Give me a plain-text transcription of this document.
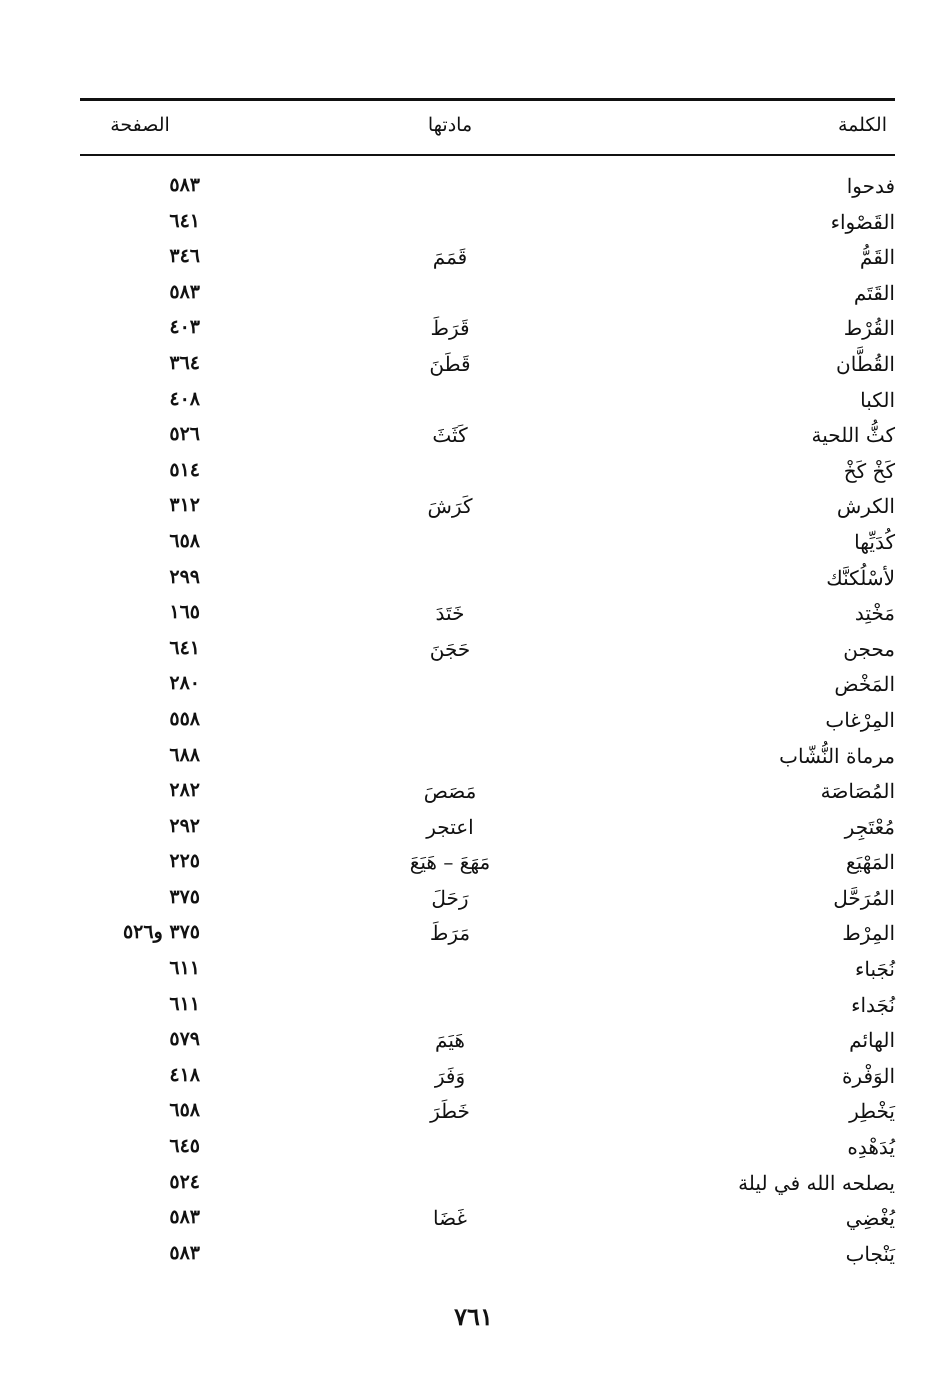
الكلمة
مادتها
الصفحة
فدحوا
٥٨٣
القَصْواء
٦٤١
القَمُّ
قَمَمَ
٣٤٦
القَتَم
٥٨٣
القُرْط
قَرَطَ
٤٠٣
القُطَّان
قَطَنَ
٣٦٤
الكبا
٤٠٨
كثُّ اللحية
كَثَثَ
٥٢٦
كَخْ كَخْ
٥١٤
الكرش
كَرَشَ
٣١٢
كُدَيِّها
٦٥٨
لأسْلُكنَّك
٢٩٩
مَخْتِد
خَتَدَ
١٦٥
محجن
حَجَنَ
٦٤١
المَخْض
٢٨٠
المِرْغاب
٥٥٨
مرماة النُّشّاب
٦٨٨
المُصَاصَة
مَصَصَ
٢٨٢
مُعْتَجِر
اعتجر
٢٩٢
المَهْيَع
مَهَعَ – هَيَعَ
٢٢٥
المُرَحَّل
رَحَلَ
٣٧٥
المِرْط
مَرَطَ
٣٧٥ و٥٢٦
نُجَباء
٦١١
نُجَداء
٦١١
الهائم
هَيَمَ
٥٧٩
الوَفْرة
وَفَرَ
٤١٨
يَخْطِر
خَطَرَ
٦٥٨
يُدَهْدِه
٦٤٥
يصلحه الله في ليلة
٥٢٤
يُغْضِي
غَضَا
٥٨٣
يَنْجاب
٥٨٣
٧٦١
